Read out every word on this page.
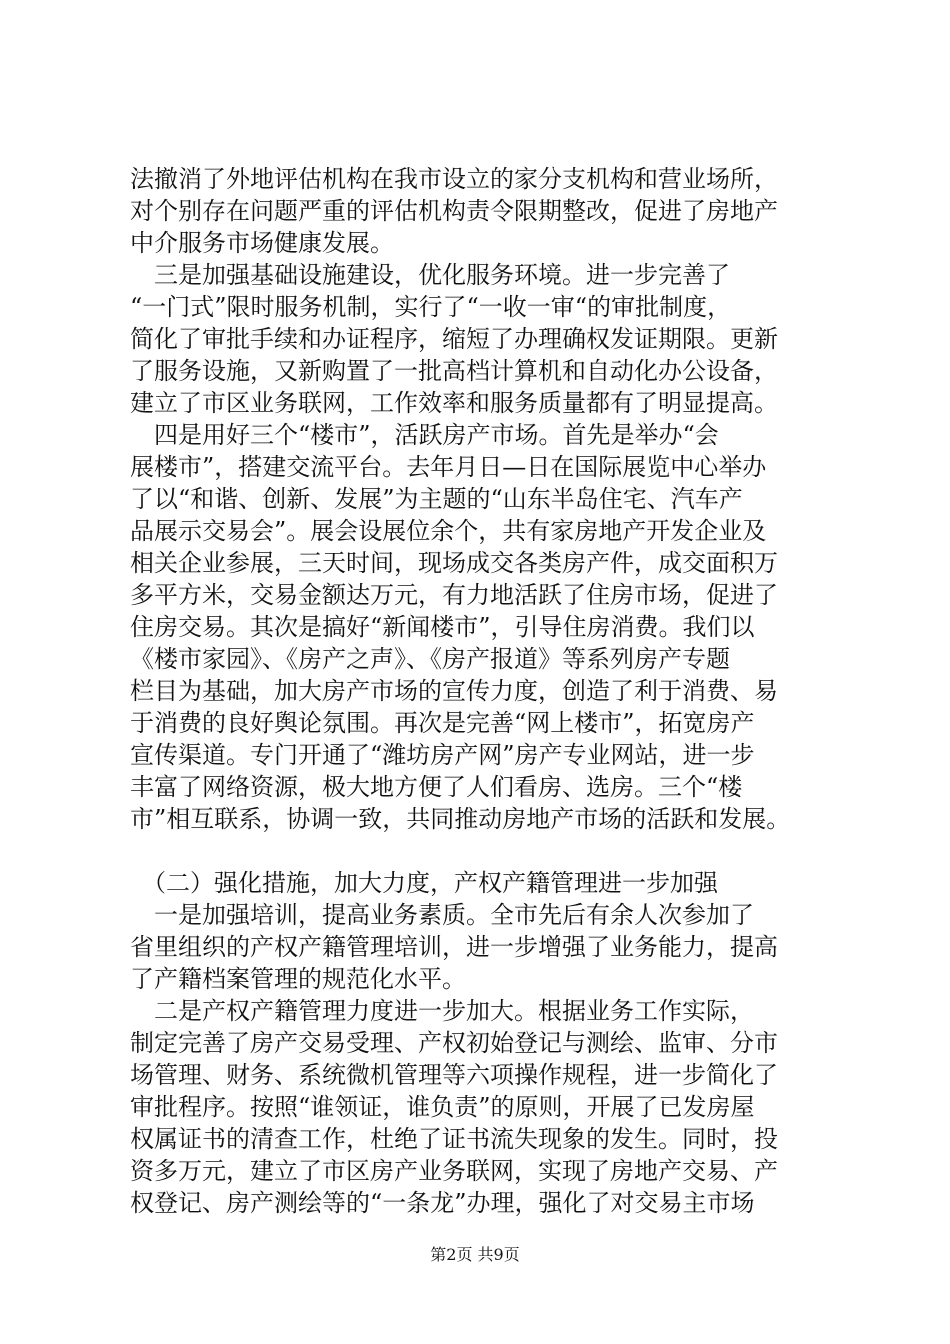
法撤消了外地评估机构在我市设立的家分支机构和营业场所，
对个别存在问题严重的评估机构责令限期整改，促进了房地产
中介服务市场健康发展。
　三是加强基础设施建设，优化服务环境。进一步完善了
“一门式”限时服务机制，实行了“一收一审“的审批制度，
简化了审批手续和办证程序，缩短了办理确权发证期限。更新
了服务设施，又新购置了一批高档计算机和自动化办公设备，
建立了市区业务联网，工作效率和服务质量都有了明显提高。
　四是用好三个“楼市”，活跃房产市场。首先是举办“会
展楼市”，搭建交流平台。去年月日—日在国际展览中心举办
了以“和谐、创新、发展”为主题的“山东半岛住宅、汽车产
品展示交易会”。展会设展位余个，共有家房地产开发企业及
相关企业参展，三天时间，现场成交各类房产件，成交面积万
多平方米，交易金额达万元，有力地活跃了住房市场，促进了
住房交易。其次是搞好“新闻楼市”，引导住房消费。我们以
《楼市家园》、《房产之声》、《房产报道》等系列房产专题
栏目为基础，加大房产市场的宣传力度，创造了利于消费、易
于消费的良好舆论氛围。再次是完善“网上楼市”，拓宽房产
宣传渠道。专门开通了“潍坊房产网”房产专业网站，进一步
丰富了网络资源，极大地方便了人们看房、选房。三个“楼
市”相互联系，协调一致，共同推动房地产市场的活跃和发展。
　（二）强化措施，加大力度，产权产籍管理进一步加强
　一是加强培训，提高业务素质。全市先后有余人次参加了
省里组织的产权产籍管理培训，进一步增强了业务能力，提高
了产籍档案管理的规范化水平。
　二是产权产籍管理力度进一步加大。根据业务工作实际，
制定完善了房产交易受理、产权初始登记与测绘、监审、分市
场管理、财务、系统微机管理等六项操作规程，进一步简化了
审批程序。按照“谁领证，谁负责”的原则，开展了已发房屋
权属证书的清查工作，杜绝了证书流失现象的发生。同时，投
资多万元，建立了市区房产业务联网，实现了房地产交易、产
权登记、房产测绘等的“一条龙”办理，强化了对交易主市场
第2页 共9页
